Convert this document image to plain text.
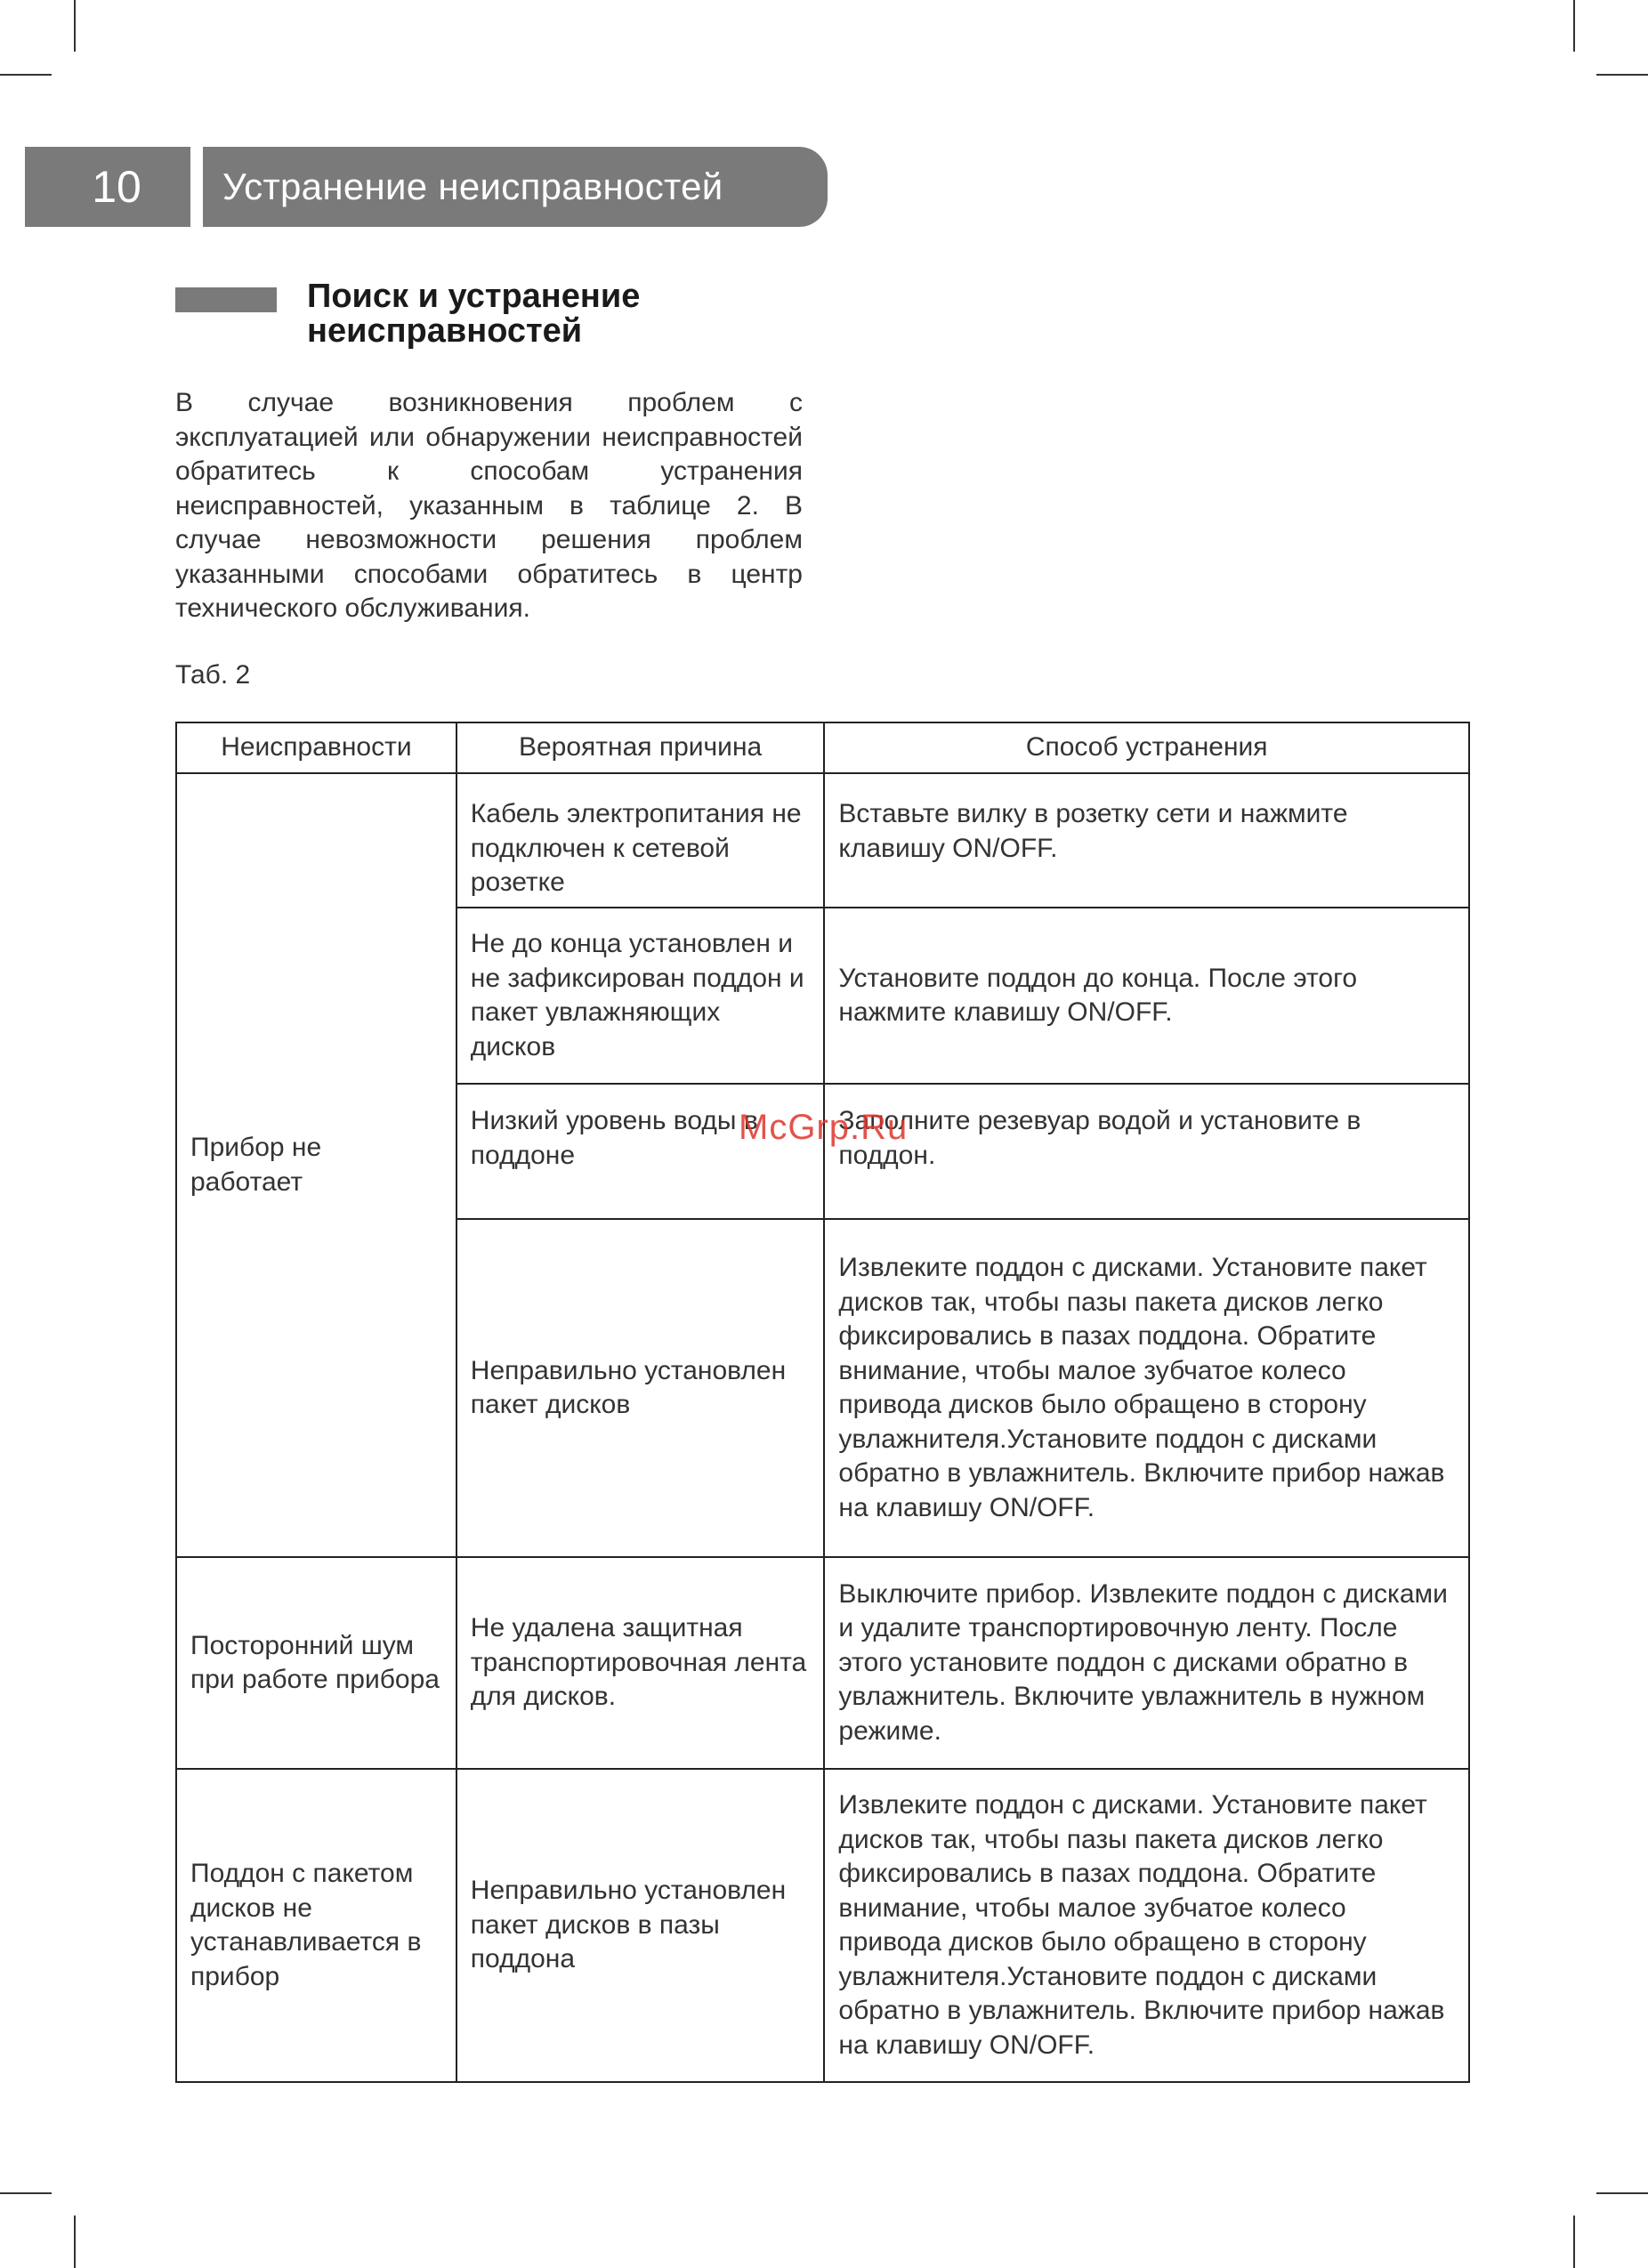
10	Устранение неисправностей
Поиск и устранение
неисправностей
В случае возникновения проблем с эксплуатацией или обнаружении неисправностей обратитесь к способам устранения неисправностей, указанным в таблице 2. В случае невозможности решения проблем указанными способами обратитесь в центр технического обслуживания.
Таб. 2
Неисправности	Вероятная причина	Способ устранения
Прибор не работает	Кабель электропитания не подключен к сетевой розетке	Вставьте вилку в розетку сети и нажмите клавишу ON/OFF.
	Не до конца установлен и не зафиксирован поддон и пакет увлажняющих дисков	Установите поддон до конца. После этого нажмите клавишу ON/OFF.
	Низкий уровень воды в поддоне	Заполните резевуар водой и установите в поддон.
	Неправильно установлен пакет дисков	Извлеките поддон с дисками. Установите пакет дисков так, чтобы пазы пакета дисков легко фиксировались в пазах поддона. Обратите внимание, чтобы малое зубчатое колесо привода дисков было обращено в сторону увлажнителя.Установите поддон с дисками обратно в увлажнитель. Включите прибор нажав на клавишу ON/OFF.
Посторонний шум при работе прибора	Не удалена защитная транспортировочная лента для дисков.	Выключите прибор. Извлеките поддон с дисками и удалите транспортировочную ленту. После этого установите поддон с дисками обратно в увлажнитель. Включите увлажнитель в нужном режиме.
Поддон с пакетом дисков не устанавливается в прибор	Неправильно установлен пакет дисков в пазы поддона	Извлеките поддон с дисками. Установите пакет дисков так, чтобы пазы пакета дисков легко фиксировались в пазах поддона. Обратите внимание, чтобы малое зубчатое колесо привода дисков было обращено в сторону увлажнителя.Установите поддон с дисками обратно в увлажнитель. Включите прибор нажав на клавишу ON/OFF.
McGrp.Ru
